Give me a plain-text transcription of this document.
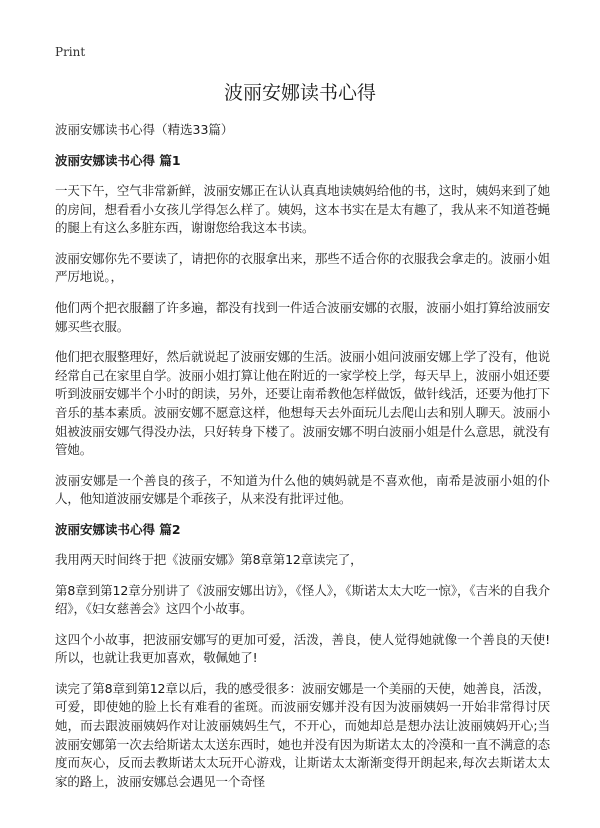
Print
波丽安娜读书心得

波丽安娜读书心得（精选33篇）

波丽安娜读书心得 篇1

一天下午，空气非常新鲜，波丽安娜正在认认真真地读姨妈给他的书，这时，姨妈来到了她的房间，想看看小女孩儿学得怎么样了。姨妈，这本书实在是太有趣了，我从来不知道苍蝇的腿上有这么多脏东西，谢谢您给我这本书读。

波丽安娜你先不要读了，请把你的衣服拿出来，那些不适合你的衣服我会拿走的。波丽小姐严厉地说。，

他们两个把衣服翻了许多遍，都没有找到一件适合波丽安娜的衣服，波丽小姐打算给波丽安娜买些衣服。

他们把衣服整理好，然后就说起了波丽安娜的生活。波丽小姐问波丽安娜上学了没有，他说经常自己在家里自学。波丽小姐打算让他在附近的一家学校上学，每天早上，波丽小姐还要听到波丽安娜半个小时的朗读，另外，还要让南希教他怎样做饭，做针线活，还要为他打下音乐的基本素质。波丽安娜不愿意这样，他想每天去外面玩儿去爬山去和别人聊天。波丽小姐被波丽安娜气得没办法，只好转身下楼了。波丽安娜不明白波丽小姐是什么意思，就没有管她。

波丽安娜是一个善良的孩子，不知道为什么他的姨妈就是不喜欢他，南希是波丽小姐的仆人，他知道波丽安娜是个乖孩子，从来没有批评过他。

波丽安娜读书心得 篇2

我用两天时间终于把《波丽安娜》第8章第12章读完了，

第8章到第12章分别讲了《波丽安娜出访》，《怪人》，《斯诺太太大吃一惊》，《吉米的自我介绍》，《妇女慈善会》这四个小故事。

这四个小故事，把波丽安娜写的更加可爱，活泼，善良，使人觉得她就像一个善良的天使!所以，也就让我更加喜欢，敬佩她了!

读完了第8章到第12章以后，我的感受很多：波丽安娜是一个美丽的天使，她善良，活泼，可爱，即使她的脸上长有难看的雀斑。而波丽安娜并没有因为波丽姨妈一开始非常得讨厌她，而去跟波丽姨妈作对让波丽姨妈生气，不开心，而她却总是想办法让波丽姨妈开心;当波丽安娜第一次去给斯诺太太送东西时，她也并没有因为斯诺太太的冷漠和一直不满意的态度而灰心，反而去教斯诺太太玩开心游戏，让斯诺太太渐渐变得开朗起来,每次去斯诺太太家的路上，波丽安娜总会遇见一个奇怪
